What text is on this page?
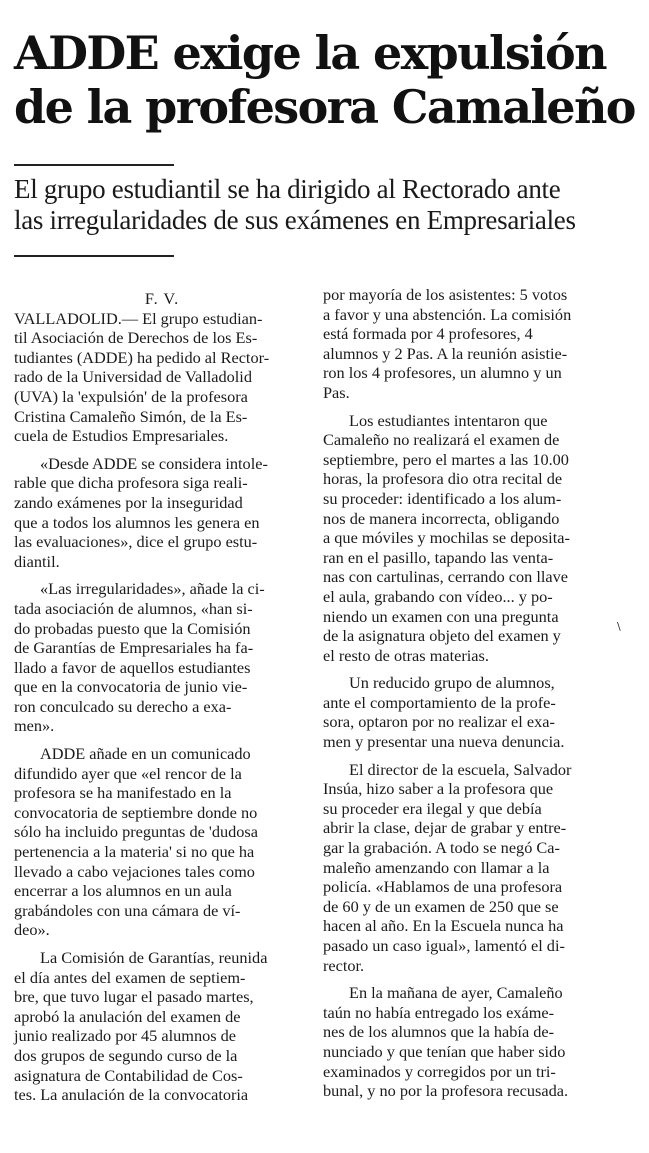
ADDE exige la expulsión
de la profesora Camaleño
El grupo estudiantil se ha dirigido al Rectorado ante
las irregularidades de sus exámenes en Empresariales
F. V.

VALLADOLID.— El grupo estudian-
til Asociación de Derechos de los Es-
tudiantes (ADDE) ha pedido al Rector-
rado de la Universidad de Valladolid
(UVA) la 'expulsión' de la profesora
Cristina Camaleño Simón, de la Es-
cuela de Estudios Empresariales.

«Desde ADDE se considera intole-
rable que dicha profesora siga reali-
zando exámenes por la inseguridad
que a todos los alumnos les genera en
las evaluaciones», dice el grupo estu-
diantil.

«Las irregularidades», añade la ci-
tada asociación de alumnos, «han si-
do probadas puesto que la Comisión
de Garantías de Empresariales ha fa-
llado a favor de aquellos estudiantes
que en la convocatoria de junio vie-
ron conculcado su derecho a exa-
men».

ADDE añade en un comunicado
difundido ayer que «el rencor de la
profesora se ha manifestado en la
convocatoria de septiembre donde no
sólo ha incluido preguntas de 'dudosa
pertenencia a la materia' si no que ha
llevado a cabo vejaciones tales como
encerrar a los alumnos en un aula
grabándoles con una cámara de ví-
deo».

La Comisión de Garantías, reunida
el día antes del examen de septiem-
bre, que tuvo lugar el pasado martes,
aprobó la anulación del examen de
junio realizado por 45 alumnos de
dos grupos de segundo curso de la
asignatura de Contabilidad de Cos-
tes. La anulación de la convocatoria

por mayoría de los asistentes: 5 votos
a favor y una abstención. La comisión
está formada por 4 profesores, 4
alumnos y 2 Pas. A la reunión asistie-
ron los 4 profesores, un alumno y un
Pas.

Los estudiantes intentaron que
Camaleño no realizará el examen de
septiembre, pero el martes a las 10.00
horas, la profesora dio otra recital de
su proceder: identificado a los alum-
nos de manera incorrecta, obligando
a que móviles y mochilas se deposita-
ran en el pasillo, tapando las venta-
nas con cartulinas, cerrando con llave
el aula, grabando con vídeo... y po-
niendo un examen con una pregunta
de la asignatura objeto del examen y
el resto de otras materias.

Un reducido grupo de alumnos,
ante el comportamiento de la profe-
sora, optaron por no realizar el exa-
men y presentar una nueva denuncia.

El director de la escuela, Salvador
Insúa, hizo saber a la profesora que
su proceder era ilegal y que debía
abrir la clase, dejar de grabar y entre-
gar la grabación. A todo se negó Ca-
maleño amenzando con llamar a la
policía. «Hablamos de una profesora
de 60 y de un examen de 250 que se
hacen al año. En la Escuela nunca ha
pasado un caso igual», lamentó el di-
rector.

En la mañana de ayer, Camaleño
taún no había entregado los exáme-
nes de los alumnos que la había de-
nunciado y que tenían que haber sido
examinados y corregidos por un tri-
bunal, y no por la profesora recusada.

\
